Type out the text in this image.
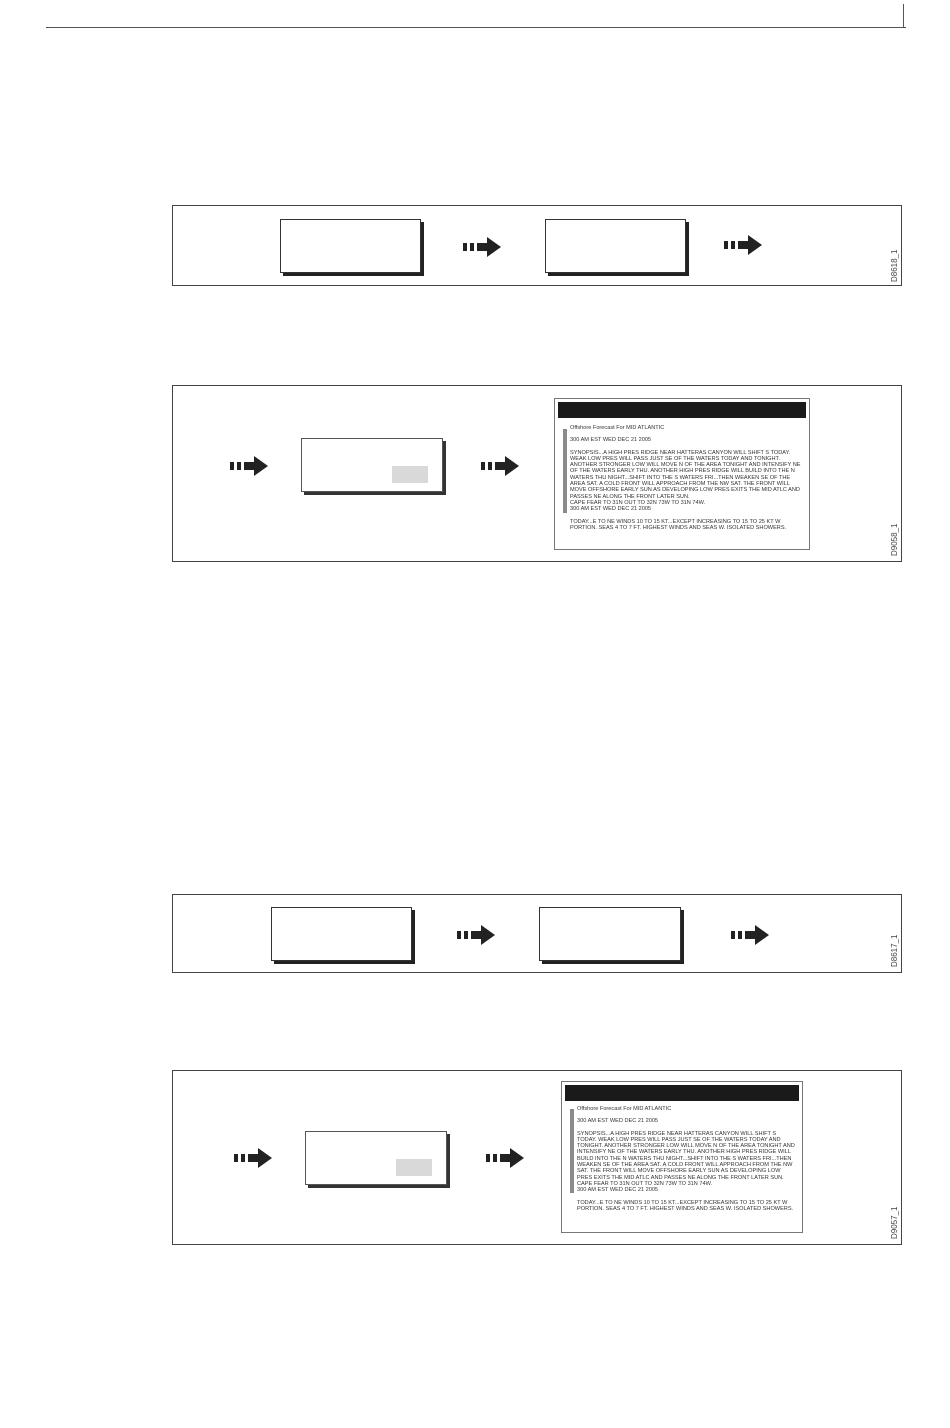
D8618_1

Offshore Forecast For MID ATLANTIC

300 AM EST WED DEC 21 2005

SYNOPSIS...A HIGH PRES RIDGE NEAR HATTERAS CANYON WILL SHIFT S TODAY. WEAK LOW PRES WILL PASS JUST SE OF THE WATERS TODAY AND TONIGHT. ANOTHER STRONGER LOW WILL MOVE N OF THE AREA TONIGHT AND INTENSIFY NE OF THE WATERS EARLY THU. ANOTHER HIGH PRES RIDGE WILL BUILD INTO THE N WATERS THU NIGHT...SHIFT INTO THE S WATERS FRI...THEN WEAKEN SE OF THE AREA SAT. A COLD FRONT WILL APPROACH FROM THE NW SAT. THE FRONT WILL MOVE OFFSHORE EARLY SUN AS DEVELOPING LOW PRES EXITS THE MID ATLC AND PASSES NE ALONG THE FRONT LATER SUN.

CAPE FEAR TO 31N OUT TO 32N 73W TO 31N 74W.

300 AM EST WED DEC 21 2005

TODAY...E TO NE WINDS 10 TO 15 KT...EXCEPT INCREASING TO 15 TO 25 KT W PORTION. SEAS 4 TO 7 FT. HIGHEST WINDS AND SEAS W. ISOLATED SHOWERS.	D9058_1
D8617_1

Offshore Forecast For MID ATLANTIC

300 AM EST WED DEC 21 2005

SYNOPSIS...A HIGH PRES RIDGE NEAR HATTERAS CANYON WILL SHIFT S TODAY. WEAK LOW PRES WILL PASS JUST SE OF THE WATERS TODAY AND TONIGHT. ANOTHER STRONGER LOW WILL MOVE N OF THE AREA TONIGHT AND INTENSIFY NE OF THE WATERS EARLY THU. ANOTHER HIGH PRES RIDGE WILL BUILD INTO THE N WATERS THU NIGHT...SHIFT INTO THE S WATERS FRI...THEN WEAKEN SE OF THE AREA SAT. A COLD FRONT WILL APPROACH FROM THE NW SAT. THE FRONT WILL MOVE OFFSHORE EARLY SUN AS DEVELOPING LOW PRES EXITS THE MID ATLC AND PASSES NE ALONG THE FRONT LATER SUN.

CAPE FEAR TO 31N OUT TO 32N 73W TO 31N 74W.

300 AM EST WED DEC 21 2005

TODAY...E TO NE WINDS 10 TO 15 KT...EXCEPT INCREASING TO 15 TO 25 KT W PORTION. SEAS 4 TO 7 FT. HIGHEST WINDS AND SEAS W. ISOLATED SHOWERS.	D9057_1
